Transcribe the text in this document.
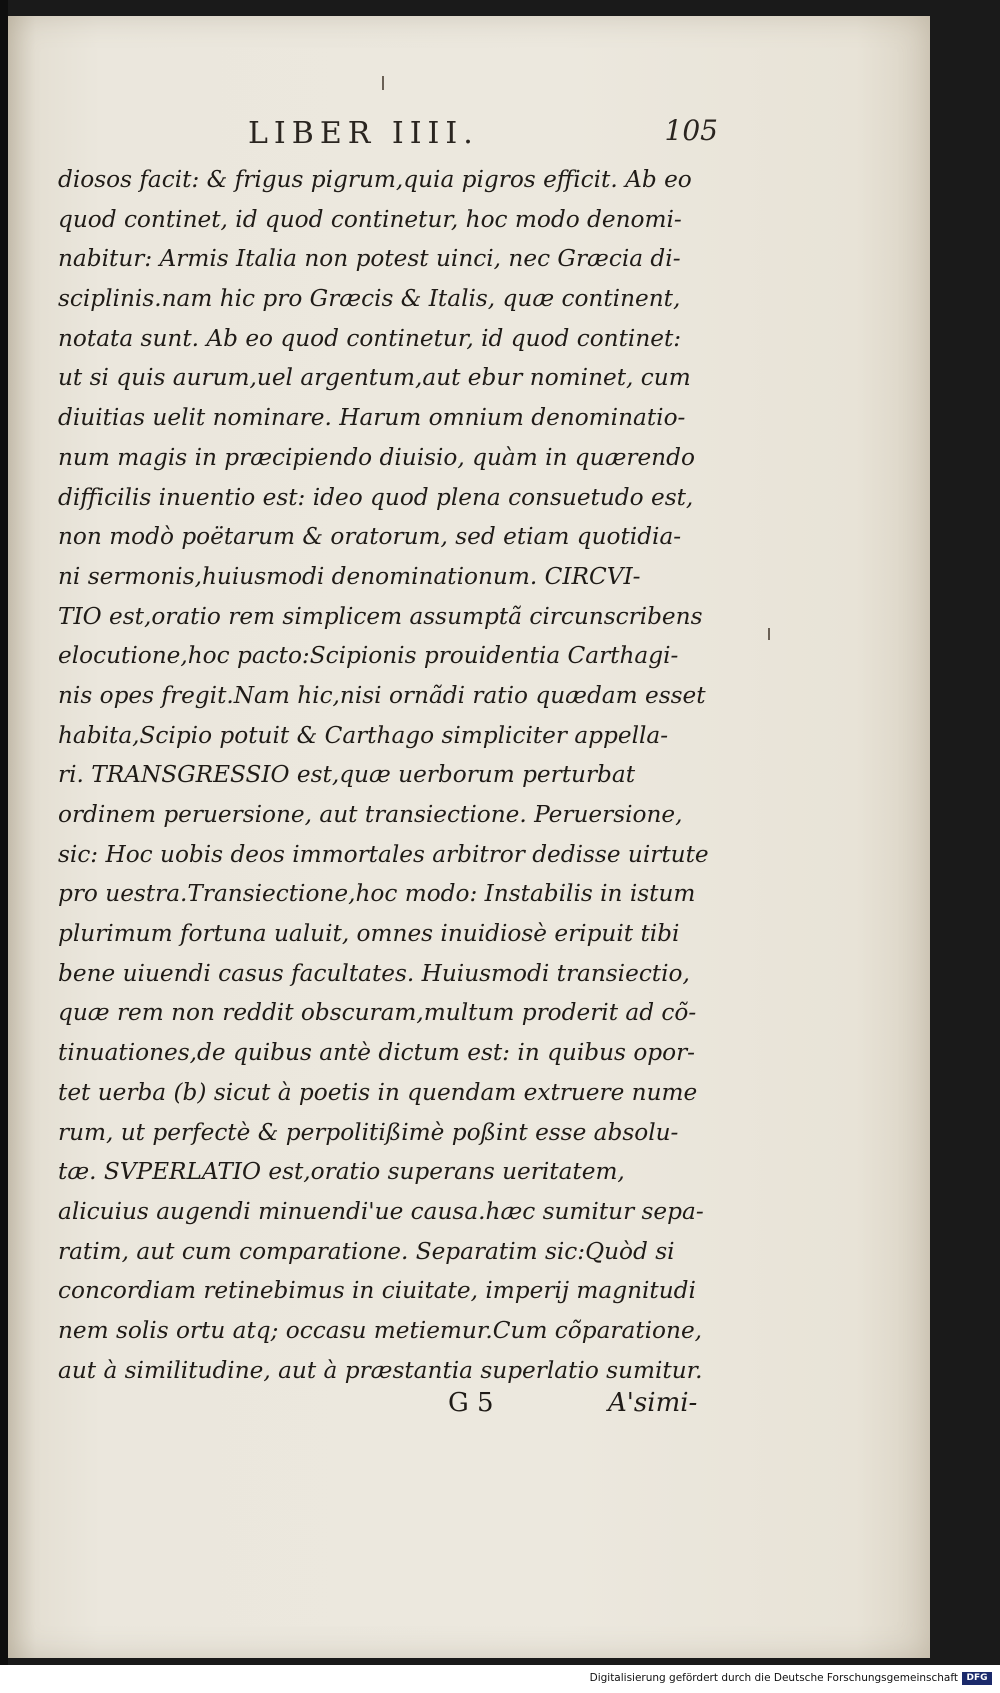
LIBER IIII.	105
diosos facit: & frigus pigrum,quia pigros efficit. Ab eo
quod continet, id quod continetur, hoc modo denomi-
nabitur: Armis Italia non potest uinci, nec Græcia di-
sciplinis.nam hic pro Græcis & Italis, quæ continent,
notata sunt. Ab eo quod continetur, id quod continet:
ut si quis aurum,uel argentum,aut ebur nominet, cum
diuitias uelit nominare. Harum omnium denominatio-
num magis in præcipiendo diuisio, quàm in quærendo
difficilis inuentio est: ideo quod plena consuetudo est,
non modò poëtarum & oratorum, sed etiam quotidia-
ni sermonis,huiusmodi denominationum. CIRCVI-
TIO est,oratio rem simplicem assumptã circunscribens
elocutione,hoc pacto:Scipionis prouidentia Carthagi-
nis opes fregit.Nam hic,nisi ornãdi ratio quædam esset
habita,Scipio potuit & Carthago simpliciter appella-
ri. TRANSGRESSIO est,quæ uerborum perturbat
ordinem peruersione, aut transiectione. Peruersione,
sic: Hoc uobis deos immortales arbitror dedisse uirtute
pro uestra.Transiectione,hoc modo: Instabilis in istum
plurimum fortuna ualuit, omnes inuidiosè eripuit tibi
bene uiuendi casus facultates. Huiusmodi transiectio,
quæ rem non reddit obscuram,multum proderit ad cõ-
tinuationes,de quibus antè dictum est: in quibus opor-
tet uerba (b) sicut à poetis in quendam extruere nume
rum, ut perfectè & perpolitißimè poßint esse absolu-
tæ. SVPERLATIO est,oratio superans ueritatem,
alicuius augendi minuendi'ue causa.hæc sumitur sepa-
ratim, aut cum comparatione. Separatim sic:Quòd si
concordiam retinebimus in ciuitate, imperij magnitudi
nem solis ortu atq; occasu metiemur.Cum cõparatione,
aut à similitudine, aut à præstantia superlatio sumitur.
G 5	A'simi-
Digitalisierung gefördert durch die Deutsche Forschungsgemeinschaft DFG
